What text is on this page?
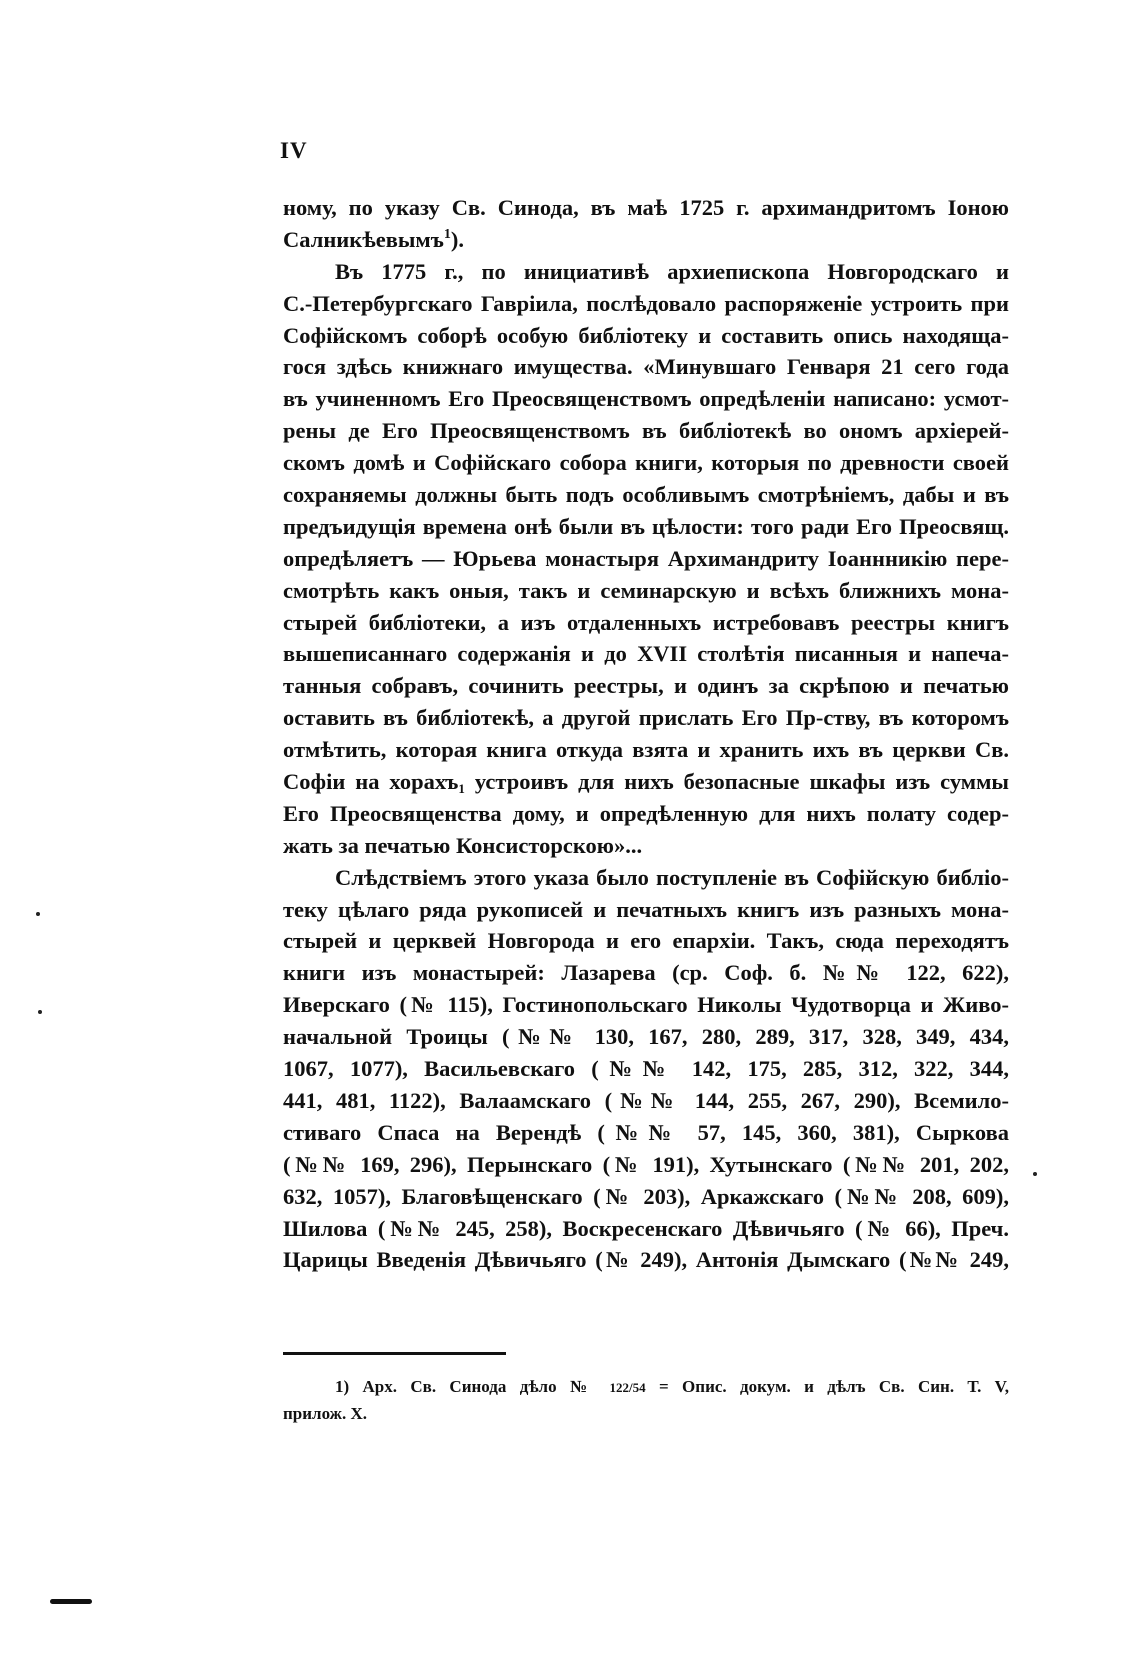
IV
ному, по указу Св. Синода, въ маѣ 1725 г. архимандритомъ Іоною
Салникѣевымъ$^1$).
Въ 1775 г., по инициативѣ архиепископа Новгородскаго и
С.-Петербургскаго Гавріила, послѣдовало распоряженіе устроить при
Софійскомъ соборѣ особую библіотеку и составить опись находяща-
гося здѣсь книжнаго имущества. «Минувшаго Генваря 21 сего года
въ учиненномъ Его Преосвященствомъ опредѣленіи написано: усмот-
рены де Его Преосвященствомъ въ библіотекѣ во ономъ архіерей-
скомъ домѣ и Софійскаго собора книги, которыя по древности своей
сохраняемы должны быть подъ особливымъ смотрѣніемъ, дабы и въ
предъидущія времена онѣ были въ цѣлости: того ради Его Преосвящ.
опредѣляетъ — Юрьева монастыря Архимандриту Іоаннникію пере-
смотрѣть какъ оныя, такъ и семинарскую и всѣхъ ближнихъ мона-
стырей библіотеки, а изъ отдаленныхъ истребовавъ реестры книгъ
вышеписаннаго содержанія и до XVII столѣтія писанныя и напеча-
танныя собравъ, сочинить реестры, и одинъ за скрѣпою и печатью
оставить въ библіотекѣ, а другой прислать Его Пр-ству, въ которомъ
отмѣтить, которая книга откуда взята и хранить ихъ въ церкви Св.
Софіи на хорахъ$_1$ устроивъ для нихъ безопасные шкафы изъ суммы
Его Преосвященства дому, и опредѣленную для нихъ полату содер-
жать за печатью Консисторскою»...
Слѣдствіемъ этого указа было поступленіе въ Софійскую библіо-
теку цѣлаго ряда рукописей и печатныхъ книгъ изъ разныхъ мона-
стырей и церквей Новгорода и его епархіи. Такъ, сюда переходятъ
книги изъ монастырей: Лазарева (ср. Соф. б. №№ 122, 622),
Иверскаго (№ 115), Гостинопольскаго Николы Чудотворца и Живо-
начальной Троицы (№№ 130, 167, 280, 289, 317, 328, 349, 434,
1067, 1077), Васильевскаго (№№ 142, 175, 285, 312, 322, 344,
441, 481, 1122), Валаамскаго (№№ 144, 255, 267, 290), Всемило-
стиваго Спаса на Верендѣ (№№ 57, 145, 360, 381), Сыркова
(№№ 169, 296), Перынскаго (№ 191), Хутынскаго (№№ 201, 202,
632, 1057), Благовѣщенскаго (№ 203), Аркажскаго (№№ 208, 609),
Шилова (№№ 245, 258), Воскресенскаго Дѣвичьяго (№ 66), Преч.
Царицы Введенія Дѣвичьяго (№ 249), Антонія Дымскаго (№№ 249,
1) Арх. Св. Синода дѣло № 122/54 = Опис. докум. и дѣлъ Св. Син. Т. V,
прилож. X.
